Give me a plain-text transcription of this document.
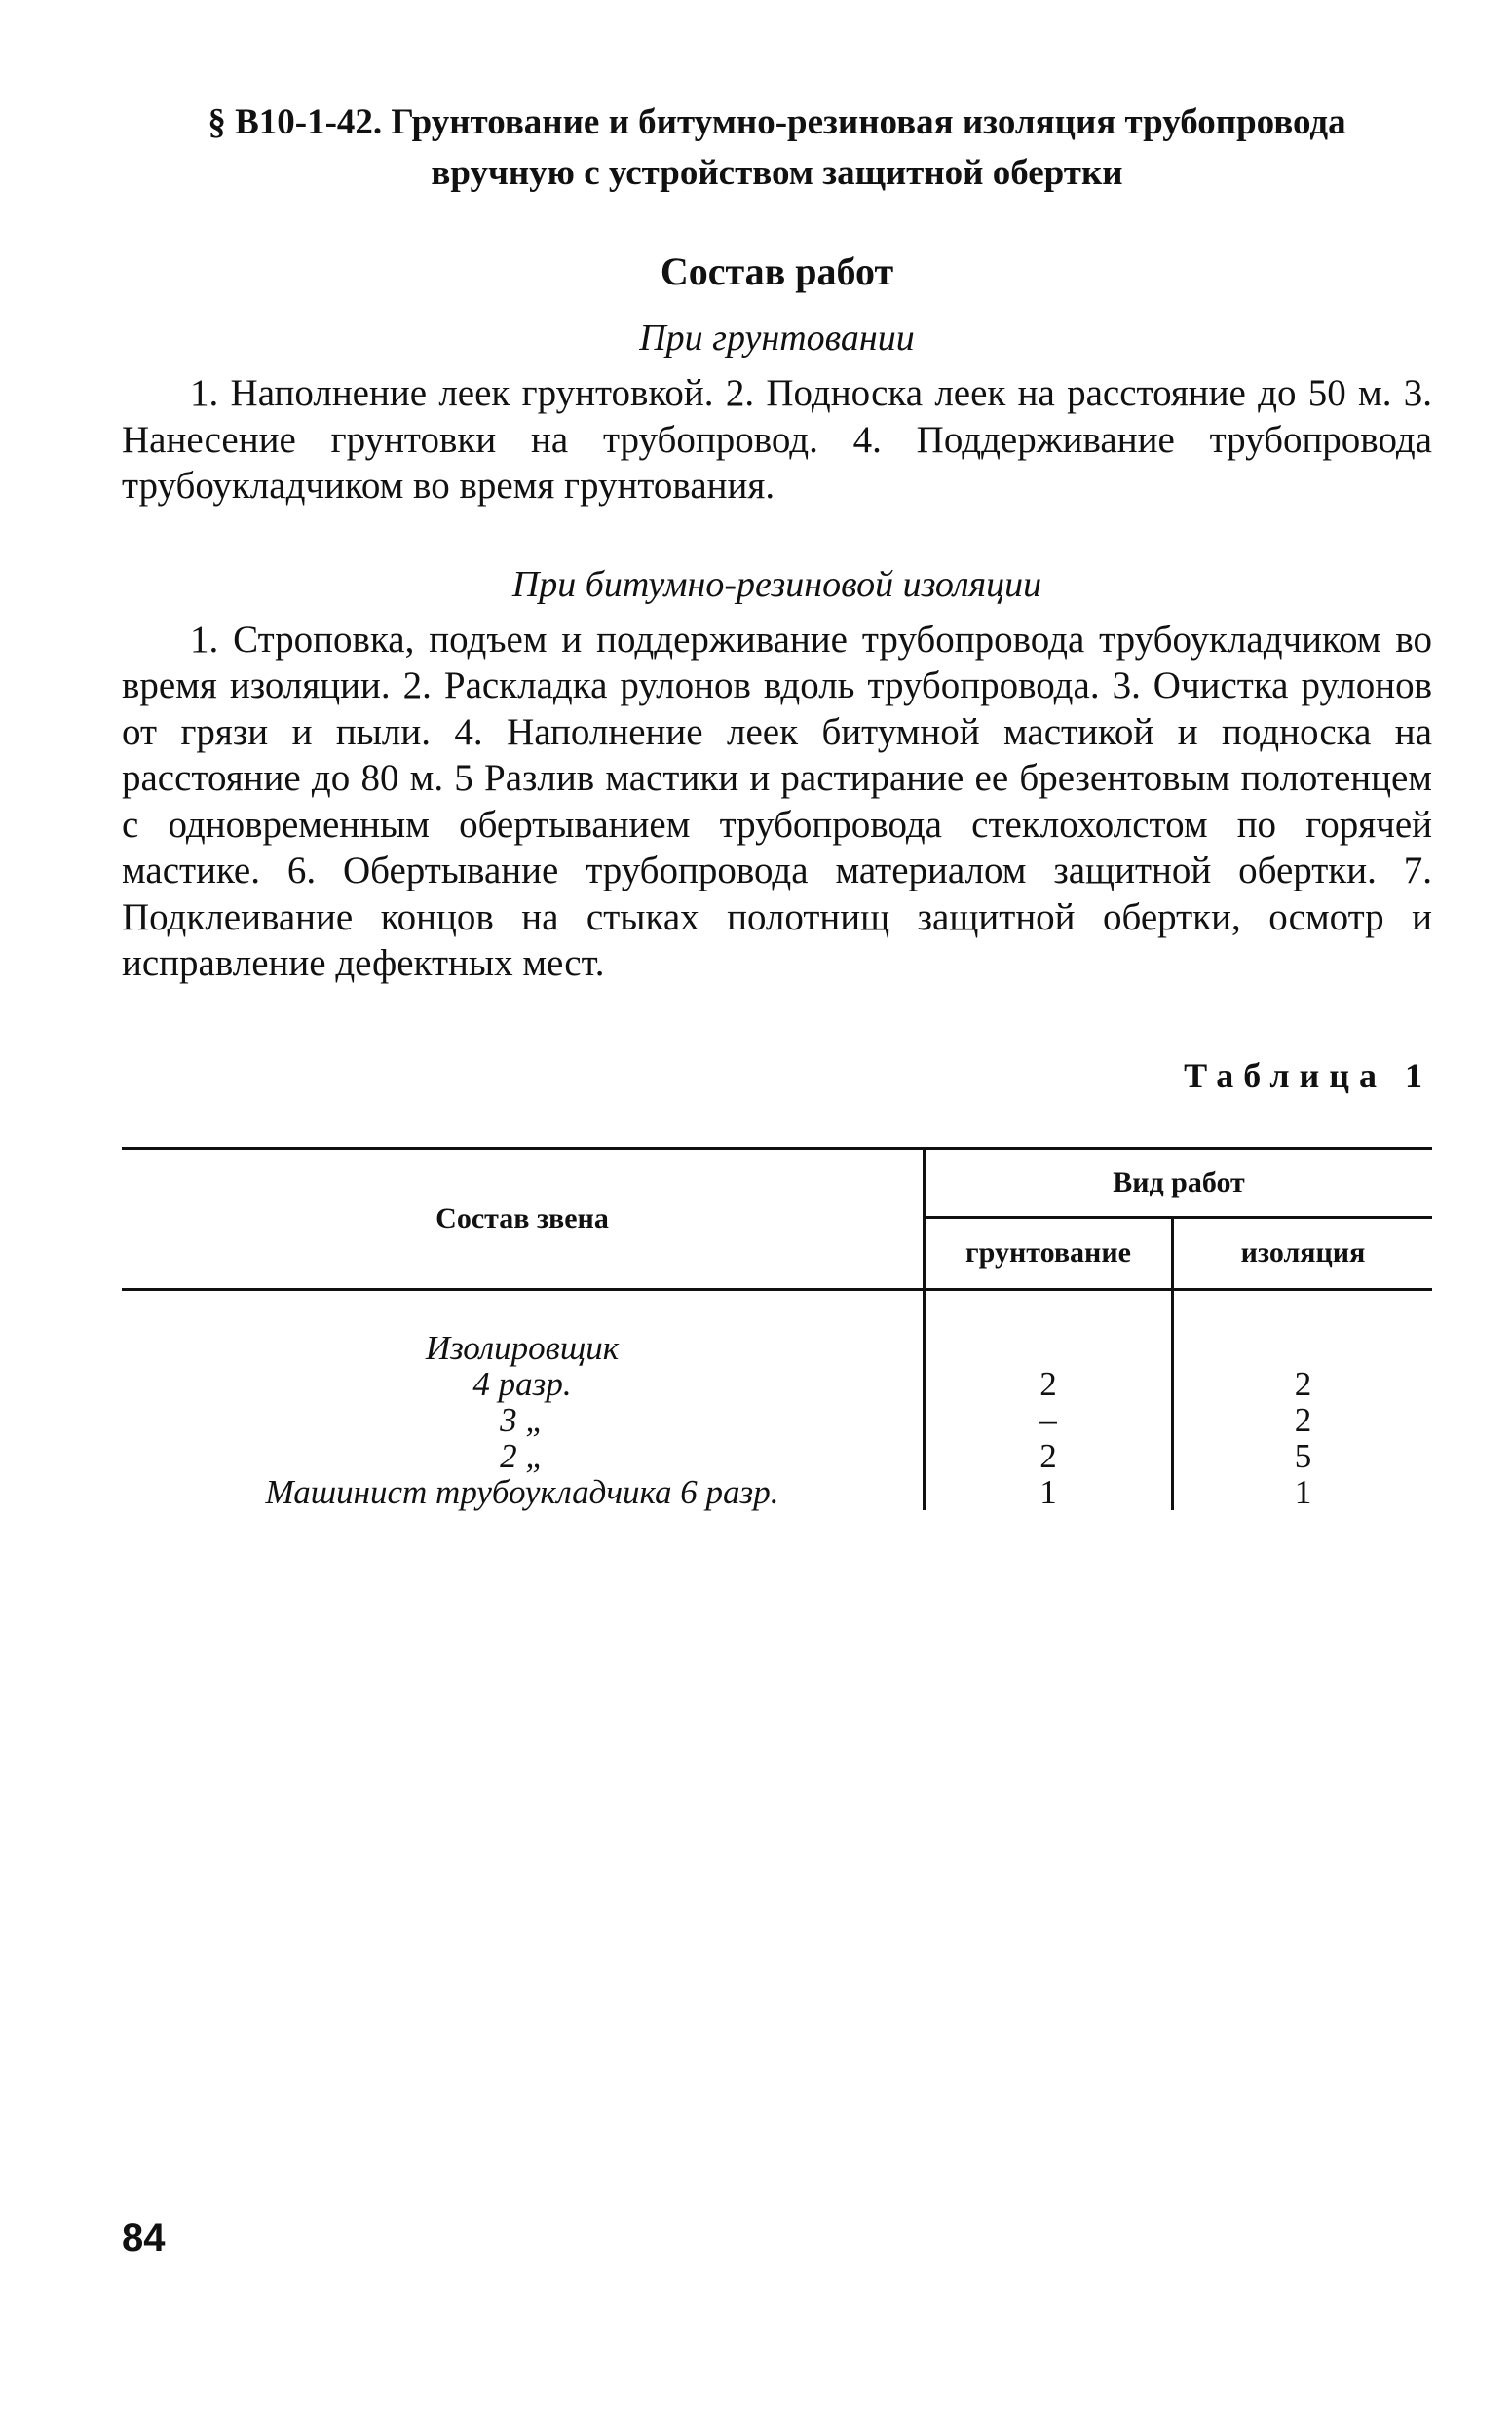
§ В10-1-42. Грунтование и битумно-резиновая изоляция трубопровода
вручную с устройством защитной обертки
Состав работ
При грунтовании

1. Наполнение леек грунтовкой. 2. Подноска леек на расстояние до 50 м. 3. Нанесение грунтовки на трубопровод. 4. Поддерживание трубопровода трубоукладчиком во время грунтования.

При битумно-резиновой изоляции

1. Строповка, подъем и поддерживание трубопровода трубоукладчиком во время изоляции. 2. Раскладка рулонов вдоль трубопровода. 3. Очистка рулонов от грязи и пыли. 4. Наполнение леек битумной мастикой и подноска на расстояние до 80 м. 5 Разлив мастики и растирание ее брезентовым полотенцем с одновременным обертыванием трубопровода стеклохолстом по горячей мастике. 6. Обертывание трубопровода материалом защитной обертки. 7. Подклеивание концов на стыках полотнищ защитной обертки, осмотр и исправление дефектных мест.

Таблица 1
Состав звена	Вид работ	
	грунтование	изоляция

Изолировщик		
4 разр.	2	2
3 „	–	2
2 „	2	5
Машинист трубоукладчика 6 разр.	1	1
84
